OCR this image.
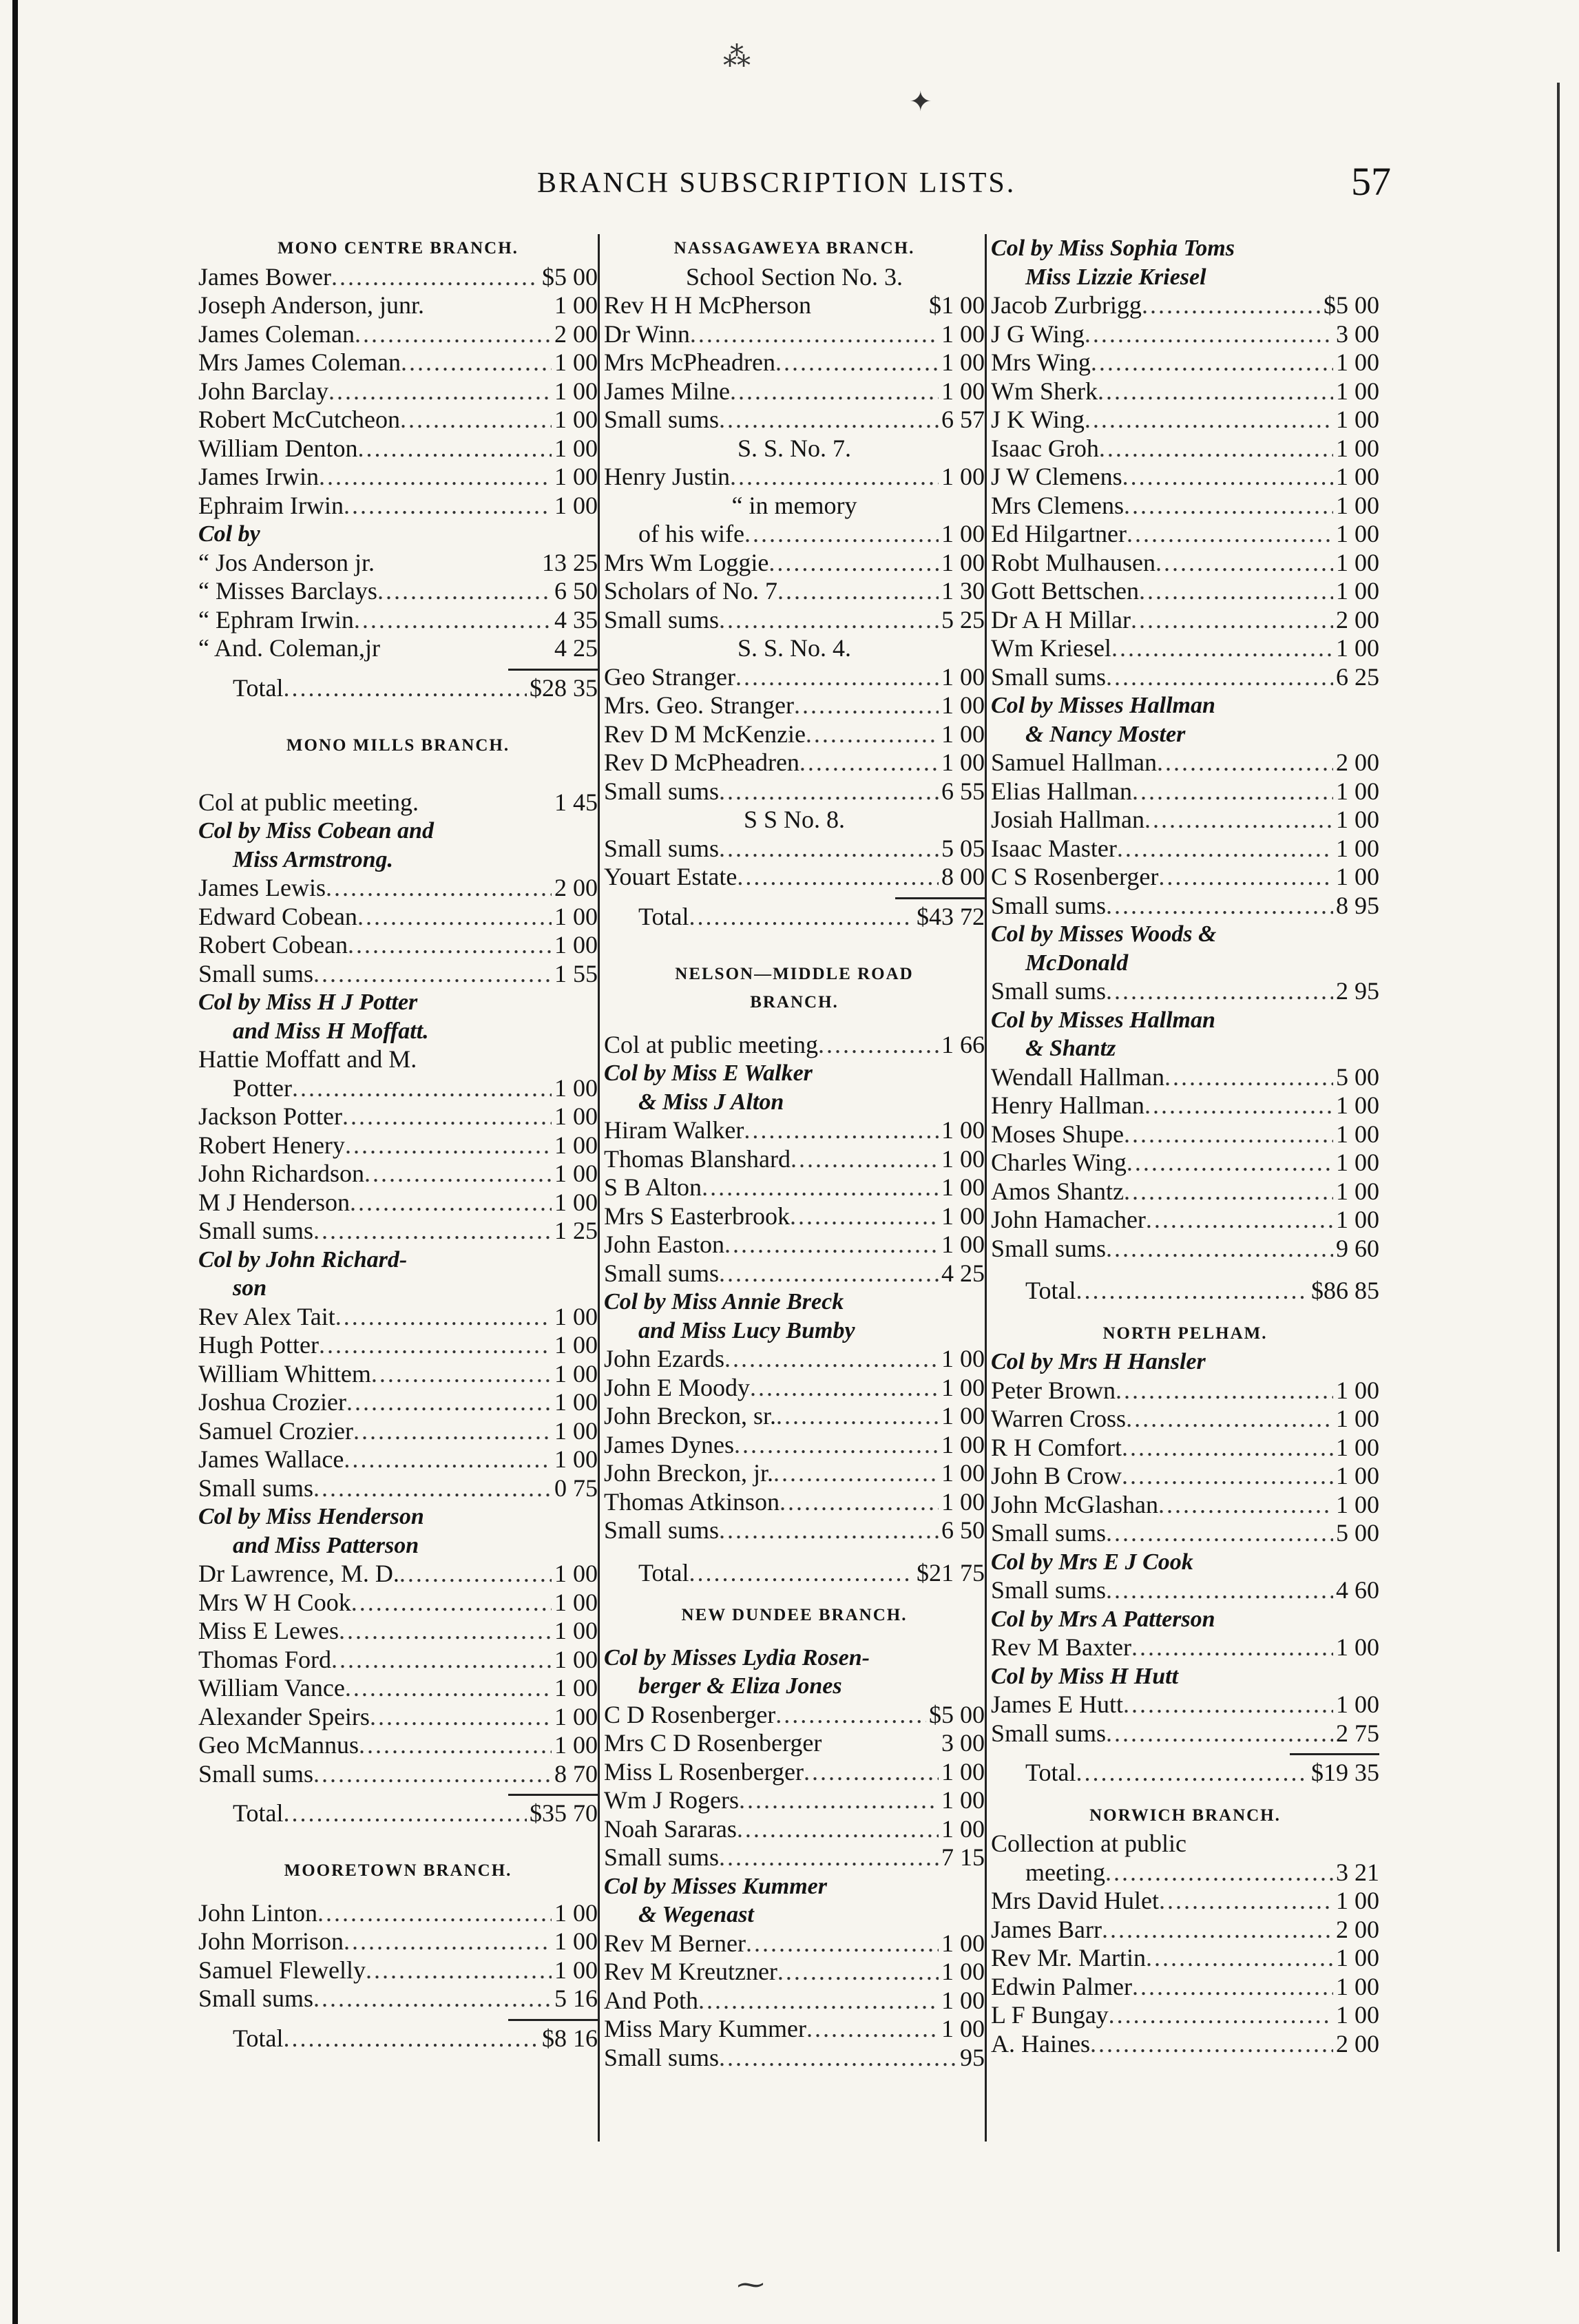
⁂
✦
⁓
BRANCH SUBSCRIPTION LISTS.	57
MONO CENTRE BRANCH.
James Bower .....	$5 00
Joseph Anderson, junr.	1 00
James Coleman .....	2 00
Mrs James Coleman .....	1 00
John Barclay .....	1 00
Robert McCutcheon .....	1 00
William Denton .....	1 00
James Irwin .....	1 00
Ephraim Irwin .....	1 00
Col by
“ Jos Anderson jr.	13 25
“ Misses Barclays .....	6 50
“ Ephram Irwin .....	4 35
“ And. Coleman,jr	4 25
Total .....	$28 35
MONO MILLS BRANCH.
Col at public meeting.	1 45
Col by Miss Cobean and
Miss Armstrong.
James Lewis .....	2 00
Edward Cobean .....	1 00
Robert Cobean .....	1 00
Small sums .....	1 55
Col by Miss H J Potter
and Miss H Moffatt.
Hattie Moffatt and M.
Potter .....	1 00
Jackson Potter .....	1 00
Robert Henery .....	1 00
John Richardson .....	1 00
M J Henderson .....	1 00
Small sums .....	1 25
Col by John Richard-
son
Rev Alex Tait .....	1 00
Hugh Potter .....	1 00
William Whittem .....	1 00
Joshua Crozier .....	1 00
Samuel Crozier .....	1 00
James Wallace .....	1 00
Small sums .....	0 75
Col by Miss Henderson
and Miss Patterson
Dr Lawrence, M. D. .....	1 00
Mrs W H Cook .....	1 00
Miss E Lewes .....	1 00
Thomas Ford .....	1 00
William Vance .....	1 00
Alexander Speirs .....	1 00
Geo McMannus .....	1 00
Small sums .....	8 70
Total .....	$35 70
MOORETOWN BRANCH.
John Linton .....	1 00
John Morrison .....	1 00
Samuel Flewelly .....	1 00
Small sums .....	5 16
Total .....	$8 16
NASSAGAWEYA BRANCH.
School Section No. 3.
Rev H H McPherson	$1 00
Dr Winn .....	1 00
Mrs McPheadren .....	1 00
James Milne .....	1 00
Small sums .....	6 57
S. S. No. 7.
Henry Justin .....	1 00
“ in memory
of his wife .....	1 00
Mrs Wm Loggie .....	1 00
Scholars of No. 7 .....	1 30
Small sums .....	5 25
S. S. No. 4.
Geo Stranger .....	1 00
Mrs. Geo. Stranger .....	1 00
Rev D M McKenzie .....	1 00
Rev D McPheadren .....	1 00
Small sums .....	6 55
S S No. 8.
Small sums .....	5 05
Youart Estate .....	8 00
Total .....	$43 72
NELSON—MIDDLE ROAD
BRANCH.
Col at public meeting .....	1 66
Col by Miss E Walker
& Miss J Alton
Hiram Walker .....	1 00
Thomas Blanshard .....	1 00
S B Alton .....	1 00
Mrs S Easterbrook .....	1 00
John Easton .....	1 00
Small sums .....	4 25
Col by Miss Annie Breck
and Miss Lucy Bumby
John Ezards .....	1 00
John E Moody .....	1 00
John Breckon, sr. .....	1 00
James Dynes .....	1 00
John Breckon, jr. .....	1 00
Thomas Atkinson .....	1 00
Small sums .....	6 50
Total .....	$21 75
NEW DUNDEE BRANCH.
Col by Misses Lydia Rosen-
berger & Eliza Jones
C D Rosenberger .....	$5 00
Mrs C D Rosenberger	3 00
Miss L Rosenberger .....	1 00
Wm J Rogers .....	1 00
Noah Sararas .....	1 00
Small sums .....	7 15
Col by Misses Kummer
& Wegenast
Rev M Berner .....	1 00
Rev M Kreutzner .....	1 00
And Poth .....	1 00
Miss Mary Kummer .....	1 00
Small sums .....	95
Col by Miss Sophia Toms
Miss Lizzie Kriesel
Jacob Zurbrigg .....	$5 00
J G Wing .....	3 00
Mrs Wing .....	1 00
Wm Sherk .....	1 00
J K Wing .....	1 00
Isaac Groh .....	1 00
J W Clemens .....	1 00
Mrs Clemens .....	1 00
Ed Hilgartner .....	1 00
Robt Mulhausen .....	1 00
Gott Bettschen .....	1 00
Dr A H Millar .....	2 00
Wm Kriesel .....	1 00
Small sums .....	6 25
Col by Misses Hallman
& Nancy Moster
Samuel Hallman .....	2 00
Elias Hallman .....	1 00
Josiah Hallman .....	1 00
Isaac Master .....	1 00
C S Rosenberger .....	1 00
Small sums .....	8 95
Col by Misses Woods &
McDonald
Small sums .....	2 95
Col by Misses Hallman
& Shantz
Wendall Hallman .....	5 00
Henry Hallman .....	1 00
Moses Shupe .....	1 00
Charles Wing .....	1 00
Amos Shantz .....	1 00
John Hamacher .....	1 00
Small sums .....	9 60
Total .....	$86 85
NORTH PELHAM.
Col by Mrs H Hansler
Peter Brown .....	1 00
Warren Cross .....	1 00
R H Comfort .....	1 00
John B Crow .....	1 00
John McGlashan .....	1 00
Small sums .....	5 00
Col by Mrs E J Cook
Small sums .....	4 60
Col by Mrs A Patterson
Rev M Baxter .....	1 00
Col by Miss H Hutt
James E Hutt .....	1 00
Small sums .....	2 75
Total .....	$19 35
NORWICH BRANCH.
Collection at public
meeting .....	3 21
Mrs David Hulet .....	1 00
James Barr .....	2 00
Rev Mr. Martin .....	1 00
Edwin Palmer .....	1 00
L F Bungay .....	1 00
A. Haines .....	2 00
